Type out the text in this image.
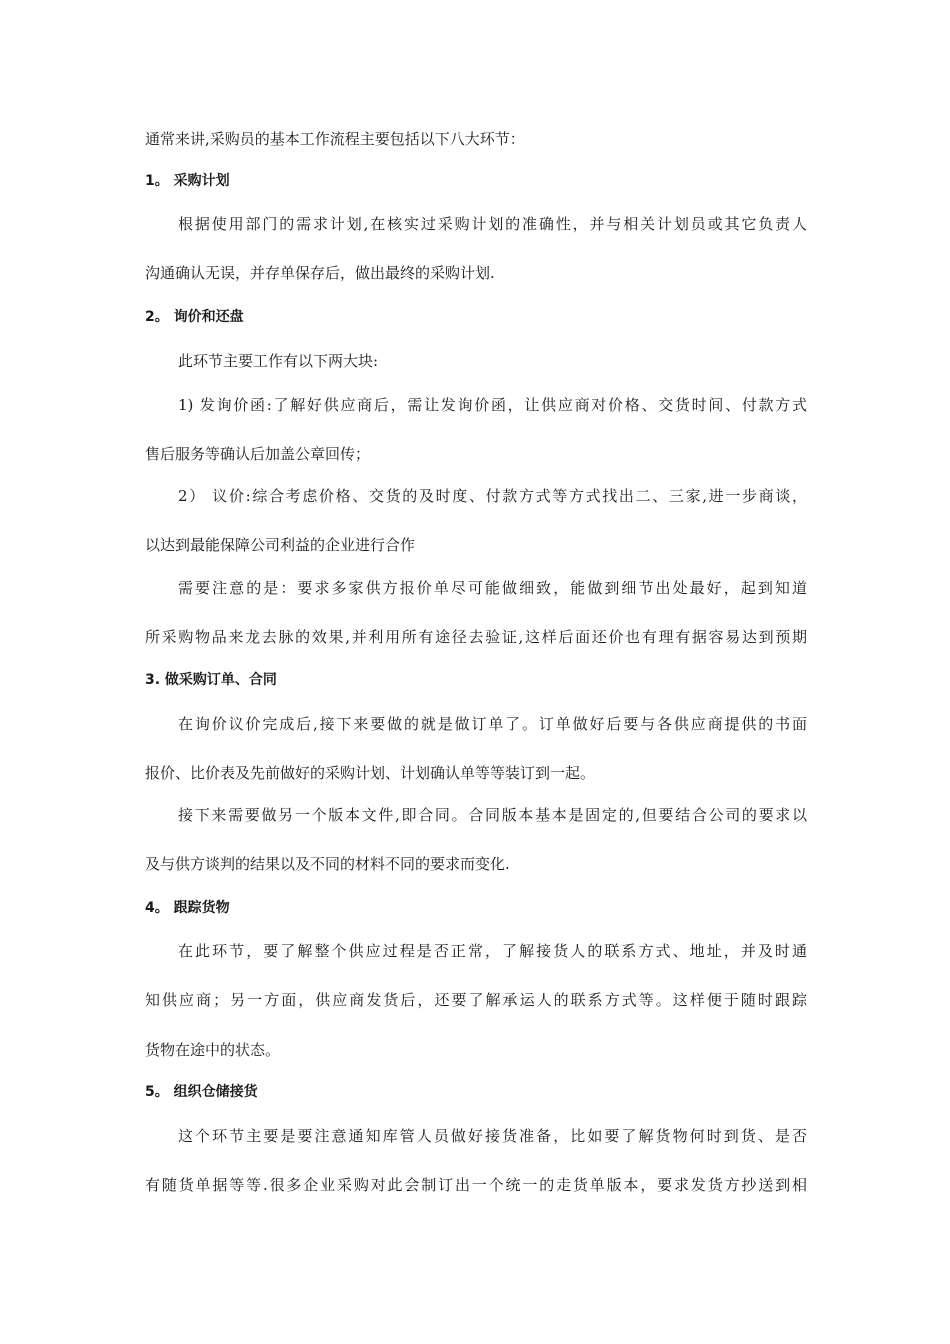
通常来讲,采购员的基本工作流程主要包括以下八大环节：
1。 采购计划
根据使用部门的需求计划,在核实过采购计划的准确性，并与相关计划员或其它负责人
沟通确认无误，并存单保存后，做出最终的采购计划.
2。 询价和还盘
此环节主要工作有以下两大块:
1) 发询价函:了解好供应商后，需让发询价函，让供应商对价格、交货时间、付款方式
售后服务等确认后加盖公章回传；
2） 议价:综合考虑价格、交货的及时度、付款方式等方式找出二、三家,进一步商谈，
以达到最能保障公司利益的企业进行合作
需要注意的是：要求多家供方报价单尽可能做细致，能做到细节出处最好，起到知道
所采购物品来龙去脉的效果,并利用所有途径去验证,这样后面还价也有理有据容易达到预期
3. 做采购订单、合同
在询价议价完成后,接下来要做的就是做订单了。订单做好后要与各供应商提供的书面
报价、比价表及先前做好的采购计划、计划确认单等等装订到一起。
接下来需要做另一个版本文件,即合同。合同版本基本是固定的,但要结合公司的要求以
及与供方谈判的结果以及不同的材料不同的要求而变化.
4。 跟踪货物
在此环节，要了解整个供应过程是否正常，了解接货人的联系方式、地址，并及时通
知供应商；另一方面，供应商发货后，还要了解承运人的联系方式等。这样便于随时跟踪
货物在途中的状态。
5。 组织仓储接货
这个环节主要是要注意通知库管人员做好接货准备，比如要了解货物何时到货、是否
有随货单据等等.很多企业采购对此会制订出一个统一的走货单版本，要求发货方抄送到相
